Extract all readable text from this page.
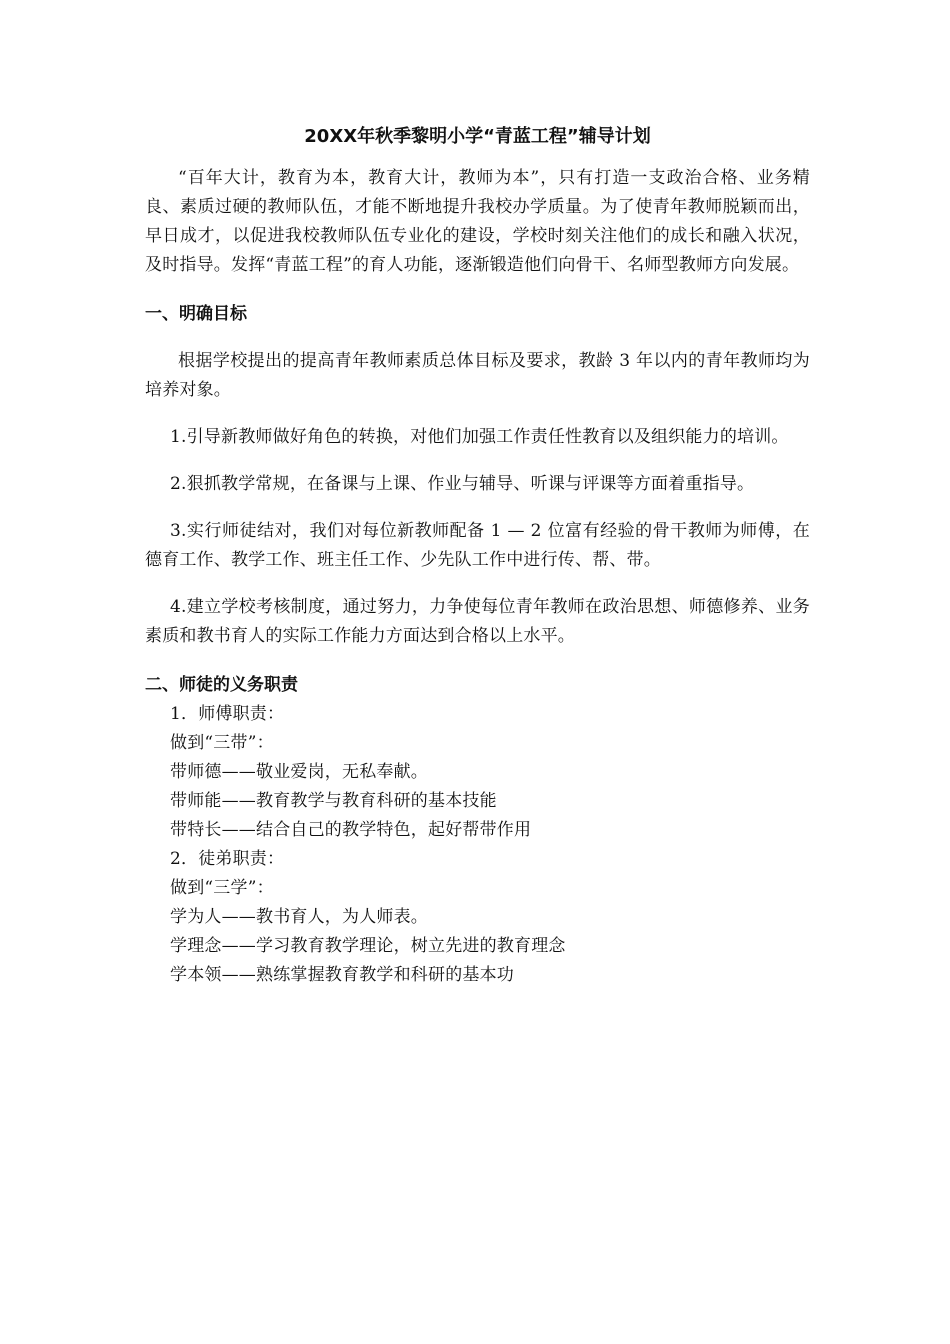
20XX年秋季黎明小学“青蓝工程”辅导计划

“百年大计，教育为本，教育大计，教师为本”，只有打造一支政治合格、业务精良、素质过硬的教师队伍，才能不断地提升我校办学质量。为了使青年教师脱颖而出，早日成才，以促进我校教师队伍专业化的建设，学校时刻关注他们的成长和融入状况，及时指导。发挥“青蓝工程”的育人功能，逐渐锻造他们向骨干、名师型教师方向发展。

一、明确目标

根据学校提出的提高青年教师素质总体目标及要求，教龄 3 年以内的青年教师均为培养对象。

1.引导新教师做好角色的转换，对他们加强工作责任性教育以及组织能力的培训。

2.狠抓教学常规，在备课与上课、作业与辅导、听课与评课等方面着重指导。

3.实行师徒结对，我们对每位新教师配备 1 — 2 位富有经验的骨干教师为师傅，在德育工作、教学工作、班主任工作、少先队工作中进行传、帮、带。

4.建立学校考核制度，通过努力，力争使每位青年教师在政治思想、师德修养、业务素质和教书育人的实际工作能力方面达到合格以上水平。

二、师徒的义务职责

1．师傅职责：

做到“三带”：

带师德——敬业爱岗，无私奉献。

带师能——教育教学与教育科研的基本技能

带特长——结合自己的教学特色，起好帮带作用

2．徒弟职责：

做到“三学”：

学为人——教书育人，为人师表。

学理念——学习教育教学理论，树立先进的教育理念

学本领——熟练掌握教育教学和科研的基本功
